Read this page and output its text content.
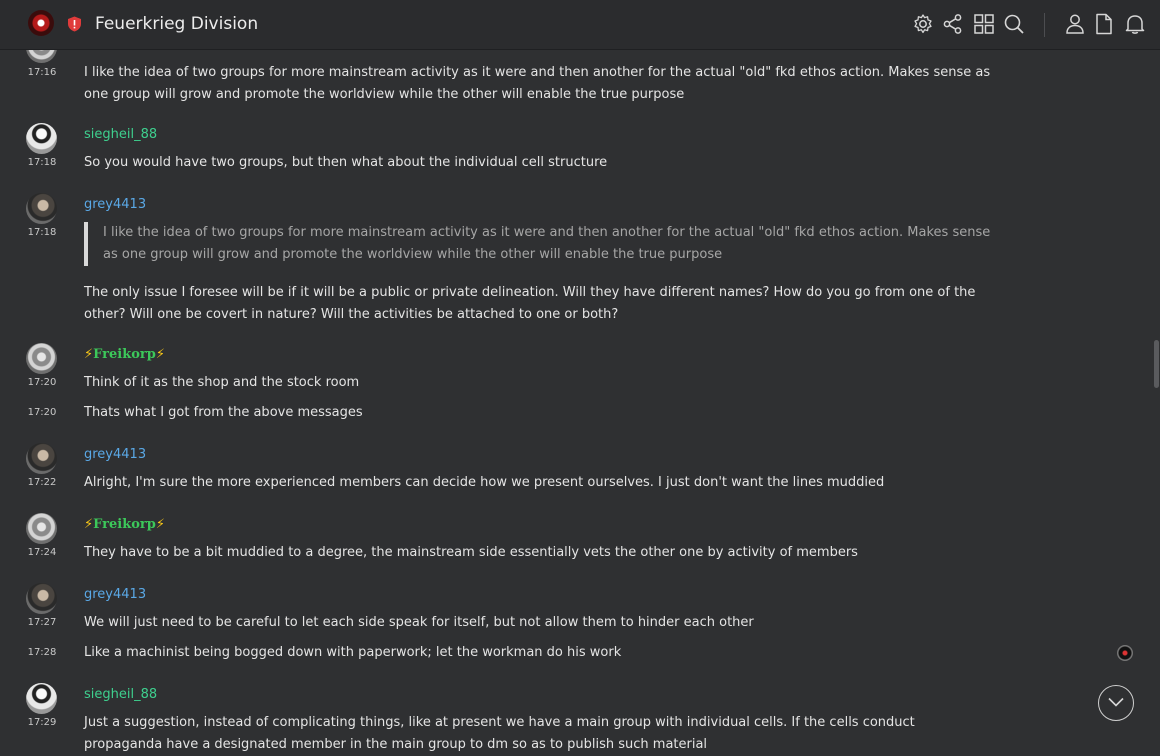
Feuerkrieg Division
17:16	I like the idea of two groups for more mainstream activity as it were and then another for the actual "old" fkd ethos action. Makes sense as one group will grow and promote the worldview while the other will enable the true purpose
siegheil_88
17:18	So you would have two groups, but then what about the individual cell structure
grey4413
17:18	I like the idea of two groups for more mainstream activity as it were and then another for the actual "old" fkd ethos action. Makes sense as one group will grow and promote the worldview while the other will enable the true purpose
The only issue I foresee will be if it will be a public or private delineation. Will they have different names? How do you go from one of the other? Will one be covert in nature? Will the activities be attached to one or both?
⚡Freikorp⚡
17:20	Think of it as the shop and the stock room
17:20	Thats what I got from the above messages
grey4413
17:22	Alright, I'm sure the more experienced members can decide how we present ourselves. I just don't want the lines muddied
⚡Freikorp⚡
17:24	They have to be a bit muddied to a degree, the mainstream side essentially vets the other one by activity of members
grey4413
17:27	We will just need to be careful to let each side speak for itself, but not allow them to hinder each other
17:28	Like a machinist being bogged down with paperwork; let the workman do his work
siegheil_88
17:29	Just a suggestion, instead of complicating things, like at present we have a main group with individual cells. If the cells conduct propaganda have a designated member in the main group to dm so as to publish such material
